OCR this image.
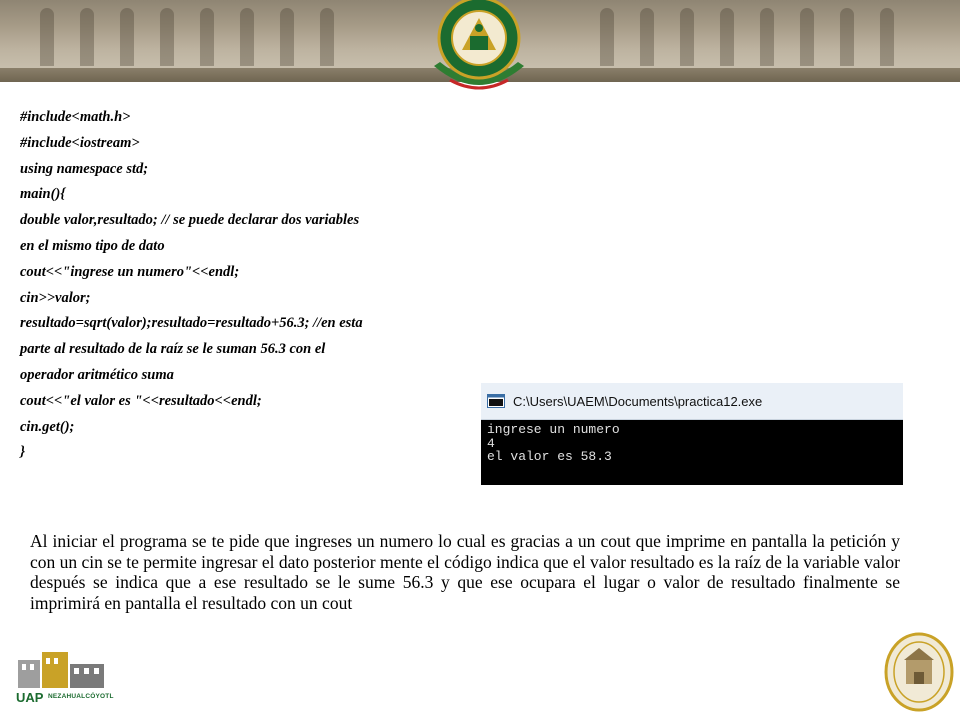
#include<math.h>
#include<iostream>
using namespace std;
main(){
double valor,resultado; // se puede declarar dos variables
en el mismo tipo de dato
cout<<"ingrese un numero"<<endl;
cin>>valor;
resultado=sqrt(valor);resultado=resultado+56.3; //en esta
parte al resultado de la raíz se le suman 56.3 con el
operador aritmético suma
cout<<"el valor es "<<resultado<<endl;
cin.get();
}
C:\Users\UAEM\Documents\practica12.exe
ingrese un numero
4
el valor es 58.3

Al iniciar el programa se te pide que ingreses un numero lo cual es gracias a un cout que imprime en pantalla la petición y con un cin se te permite ingresar el dato posterior mente el código indica que el valor resultado es la raíz de la variable valor después se indica que a ese resultado se le sume 56.3 y que ese ocupara el lugar o valor de resultado finalmente se imprimirá en pantalla el resultado con un cout

UAP NEZAHUALCÓYOTL
